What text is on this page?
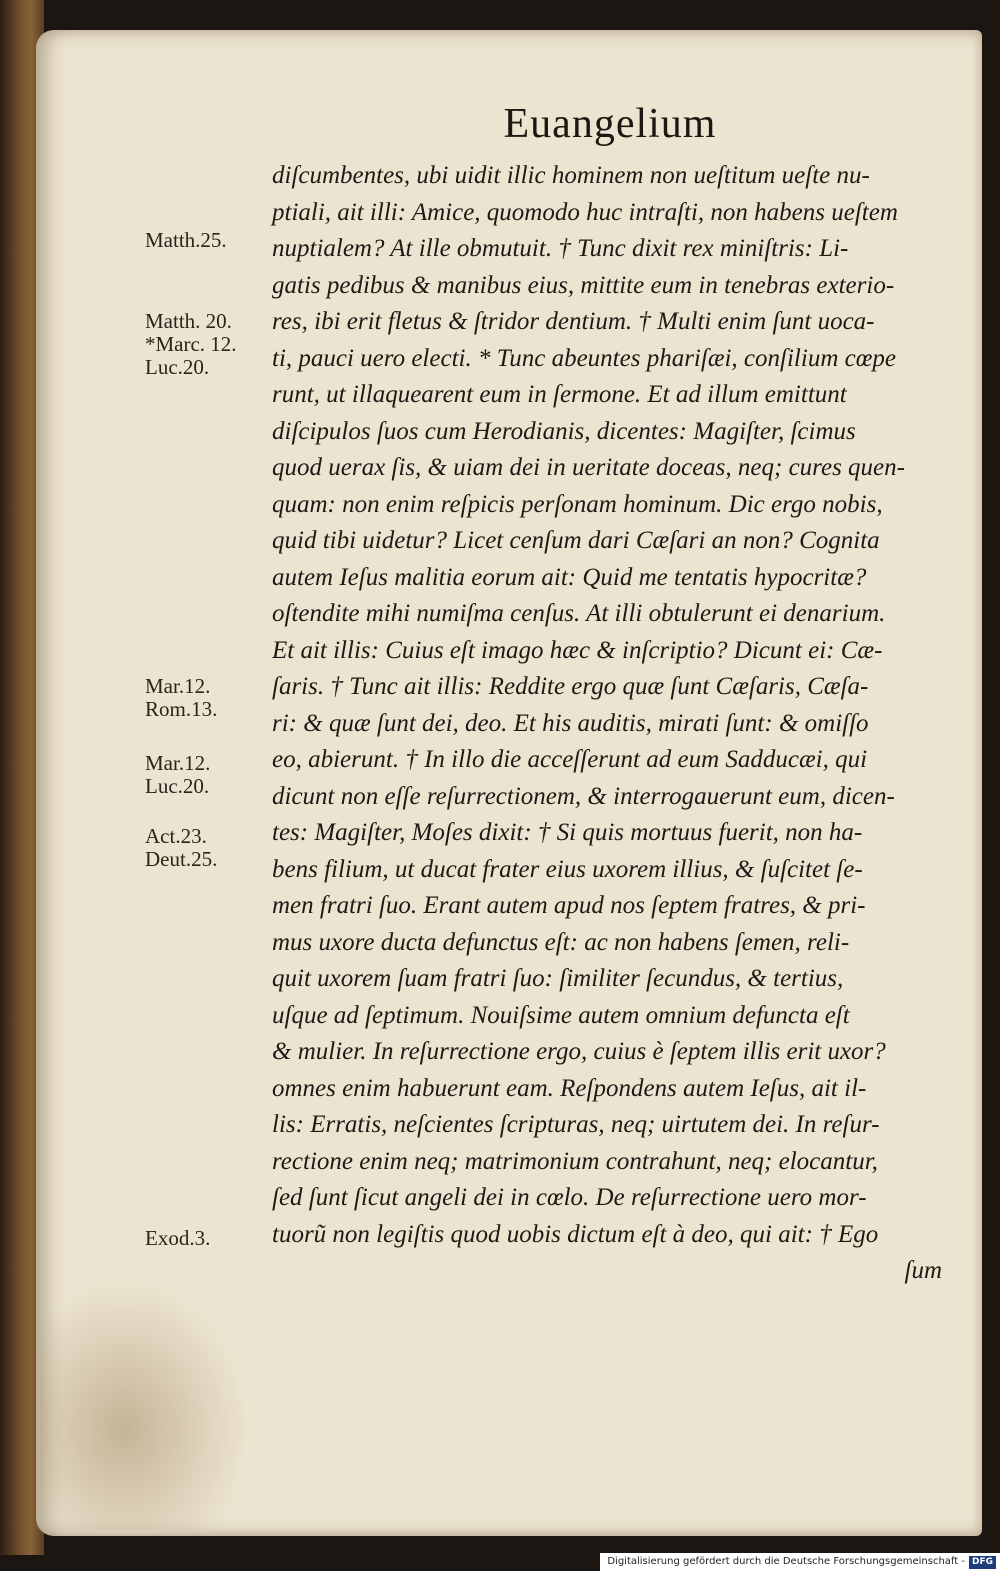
Euangelium
diſcumbentes, ubi uidit illic hominem non ueſtitum ueſte nu-
ptiali, ait illi: Amice, quomodo huc intraſti, non habens ueſtem
nuptialem? At ille obmutuit. † Tunc dixit rex miniſtris: Li-
gatis pedibus & manibus eius, mittite eum in tenebras exterio-
res, ibi erit fletus & ſtridor dentium. † Multi enim ſunt uoca-
ti, pauci uero electi. * Tunc abeuntes phariſæi, conſilium cœpe
runt, ut illaquearent eum in ſermone. Et ad illum emittunt
diſcipulos ſuos cum Herodianis, dicentes: Magiſter, ſcimus
quod uerax ſis, & uiam dei in ueritate doceas, neq; cures quen-
quam: non enim reſpicis perſonam hominum. Dic ergo nobis,
quid tibi uidetur? Licet cenſum dari Cæſari an non? Cognita
autem Ieſus malitia eorum ait: Quid me tentatis hypocritæ?
oſtendite mihi numiſma cenſus. At illi obtulerunt ei denarium.
Et ait illis: Cuius eſt imago hæc & inſcriptio? Dicunt ei: Cæ-
ſaris. † Tunc ait illis: Reddite ergo quæ ſunt Cæſaris, Cæſa-
ri: & quæ ſunt dei, deo. Et his auditis, mirati ſunt: & omiſſo
eo, abierunt. † In illo die acceſſerunt ad eum Sadducæi, qui
dicunt non eſſe reſurrectionem, & interrogauerunt eum, dicen-
tes: Magiſter, Moſes dixit: † Si quis mortuus fuerit, non ha-
bens filium, ut ducat frater eius uxorem illius, & ſuſcitet ſe-
men fratri ſuo. Erant autem apud nos ſeptem fratres, & pri-
mus uxore ducta defunctus eſt: ac non habens ſemen, reli-
quit uxorem ſuam fratri ſuo: ſimiliter ſecundus, & tertius,
uſque ad ſeptimum. Nouiſsime autem omnium defuncta eſt
& mulier. In reſurrectione ergo, cuius è ſeptem illis erit uxor?
omnes enim habuerunt eam. Reſpondens autem Ieſus, ait il-
lis: Erratis, neſcientes ſcripturas, neq; uirtutem dei. In reſur-
rectione enim neq; matrimonium contrahunt, neq; elocantur,
ſed ſunt ſicut angeli dei in cœlo. De reſurrectione uero mor-
tuorũ non legiſtis quod uobis dictum eſt à deo, qui ait: † Ego
ſum
Matth.25.
Matth. 20.
*Marc. 12.
Luc.20.
Mar.12.
Rom.13.
Mar.12.
Luc.20.
Act.23.
Deut.25.
Exod.3.
Digitalisierung gefördert durch die Deutsche Forschungsgemeinschaft - DFG
